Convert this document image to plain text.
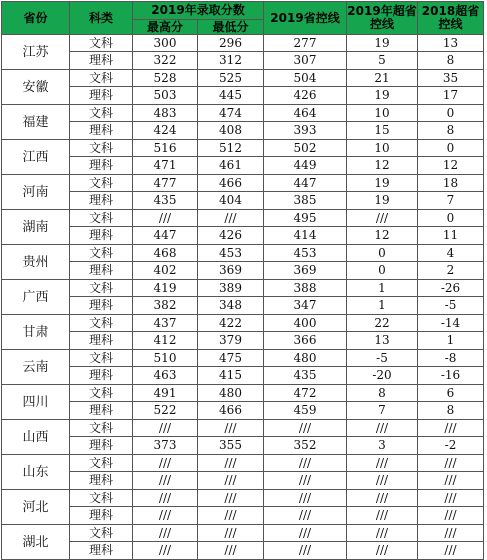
省份	科类	2019年录取分数		2019省控线	2019年超省控线	2018超省控线
		最高分	最低分			
江苏	文科	300	296	277	19	13
	理科	322	312	307	5	8
安徽	文科	528	525	504	21	35
	理科	503	445	426	19	17
福建	文科	483	474	464	10	0
	理科	424	408	393	15	8
江西	文科	516	512	502	10	0
	理科	471	461	449	12	12
河南	文科	477	466	447	19	18
	理科	435	404	385	19	7
湖南	文科	///	///	495	///	0
	理科	447	426	414	12	11
贵州	文科	468	453	453	0	4
	理科	402	369	369	0	2
广西	文科	419	389	388	1	-26
	理科	382	348	347	1	-5
甘肃	文科	437	422	400	22	-14
	理科	412	379	366	13	1
云南	文科	510	475	480	-5	-8
	理科	463	415	435	-20	-16
四川	文科	491	480	472	8	6
	理科	522	466	459	7	8
山西	文科	///	///	///	///	///
	理科	373	355	352	3	-2
山东	文科	///	///	///	///	///
	理科	///	///	///	///	///
河北	文科	///	///	///	///	///
	理科	///	///	///	///	///
湖北	文科	///	///	///	///	///
	理科	///	///	///	///	///
